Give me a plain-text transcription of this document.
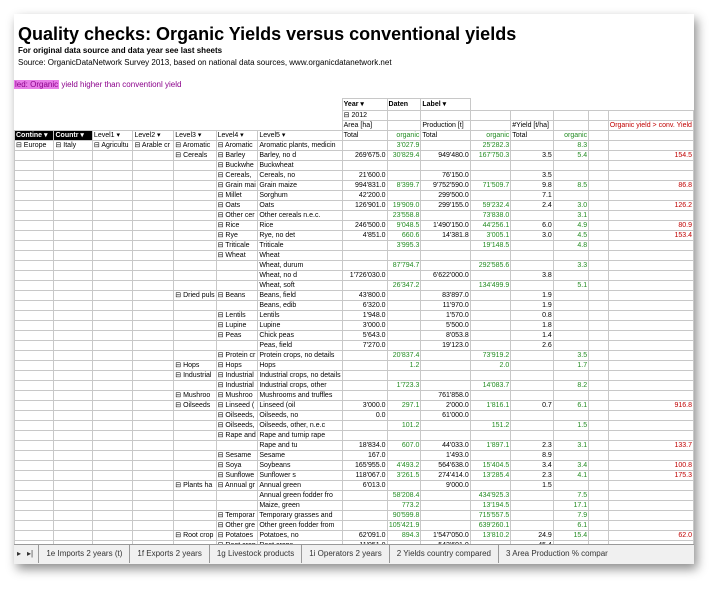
Quality checks: Organic Yields versus conventional yields
For original data source and data year see last sheets
Source: OrganicDataNetwork Survey 2013, based on national data sources, www.organicdatanetwork.net
led: Organic yield higher than conventionl yield
							Year ▾	Daten	Label ▾					
							⊟ 2012							
							Area [ha]		Production [t]		#Yield [t/ha]			Organic yield > conv. Yield
Contine ▾	Countr ▾	Level1 ▾	Level2 ▾	Level3 ▾	Level4 ▾	Level5 ▾	Total	organic	Total	organic	Total	organic		
⊟ Europe	⊟ Italy	⊟ Agricultu	⊟ Arable cr	⊟ Aromatic	⊟ Aromatic	Aromatic plants, medicin		3'027.9		25'282.3		8.3		
				⊟ Cereals	⊟ Barley	Barley, no d	269'675.0	30'829.4	949'480.0	167'750.3	3.5	5.4		154.5
					⊟ Buckwhe	Buckwheat								
					⊟ Cereals,	Cereals, no	21'600.0		76'150.0		3.5			
					⊟ Grain mai	Grain maize	994'831.0	8'399.7	9'752'590.0	71'509.7	9.8	8.5		86.8
					⊟ Millet	Sorghum	42'200.0		299'500.0		7.1			
					⊟ Oats	Oats	126'901.0	19'909.0	299'155.0	59'232.4	2.4	3.0		126.2
					⊟ Other cer	Other cereals n.e.c.		23'558.8		73'838.0		3.1		
					⊟ Rice	Rice	246'500.0	9'048.5	1'490'150.0	44'256.1	6.0	4.9		80.9
					⊟ Rye	Rye, no det	4'851.0	660.6	14'381.8	3'005.1	3.0	4.5		153.4
					⊟ Triticale	Triticale		3'995.3		19'148.5		4.8		
					⊟ Wheat	Wheat								
						Wheat, durum		87'794.7		292'585.6		3.3		
						Wheat, no d	1'726'030.0		6'622'000.0		3.8			
						Wheat, soft		26'347.2		134'499.9		5.1		
				⊟ Dried puls	⊟ Beans	Beans, field	43'800.0		83'897.0		1.9			
						Beans, edib	6'320.0		11'970.0		1.9			
					⊟ Lentils	Lentils	1'948.0		1'570.0		0.8			
					⊟ Lupine	Lupine	3'000.0		5'500.0		1.8			
					⊟ Peas	Chick peas	5'643.0		8'053.8		1.4			
						Peas, field	7'270.0		19'123.0		2.6			
					⊟ Protein cr	Protein crops, no details		20'837.4		73'919.2		3.5		
				⊟ Hops	⊟ Hops	Hops		1.2		2.0		1.7		
				⊟ Industrial	⊟ Industrial	Industrial crops, no details								
					⊟ Industrial	Industrial crops, other		1'723.3		14'083.7		8.2		
				⊟ Mushroo	⊟ Mushroo	Mushrooms and truffles			761'858.0					
				⊟ Oilseeds	⊟ Linseed (	Linseed (oil	3'000.0	297.1	2'000.0	1'816.1	0.7	6.1		916.8
					⊟ Oilseeds,	Oilseeds, no	0.0		61'000.0					
					⊟ Oilseeds,	Oilseeds, other, n.e.c		101.2		151.2		1.5		
					⊟ Rape and	Rape and turnip rape								
						Rape and tu	18'834.0	607.0	44'033.0	1'897.1	2.3	3.1		133.7
					⊟ Sesame	Sesame	167.0		1'493.0		8.9			
					⊟ Soya	Soybeans	165'955.0	4'493.2	564'638.0	15'404.5	3.4	3.4		100.8
					⊟ Sunflowe	Sunflower s	118'067.0	3'261.5	274'414.0	13'285.4	2.3	4.1		175.3
				⊟ Plants ha	⊟ Annual gr	Annual green	6'013.0		9'000.0		1.5			
						Annual green fodder fro		58'208.4		434'925.3		7.5		
						Maize, green		773.2		13'194.5		17.1		
					⊟ Temporar	Temporary grasses and		90'599.8		715'557.5		7.9		
					⊟ Other gre	Other green fodder from		105'421.9		639'260.1		6.1		
				⊟ Root crop	⊟ Potatoes	Potatoes, no	62'091.0	894.3	1'547'050.0	13'810.2	24.9	15.4		62.0

▸ ▸| 1e Imports 2 years (t) 1f Exports 2 years 1g Livestock products 1i Operators 2 years 2 Yields country compared 3 Area Production % compar
